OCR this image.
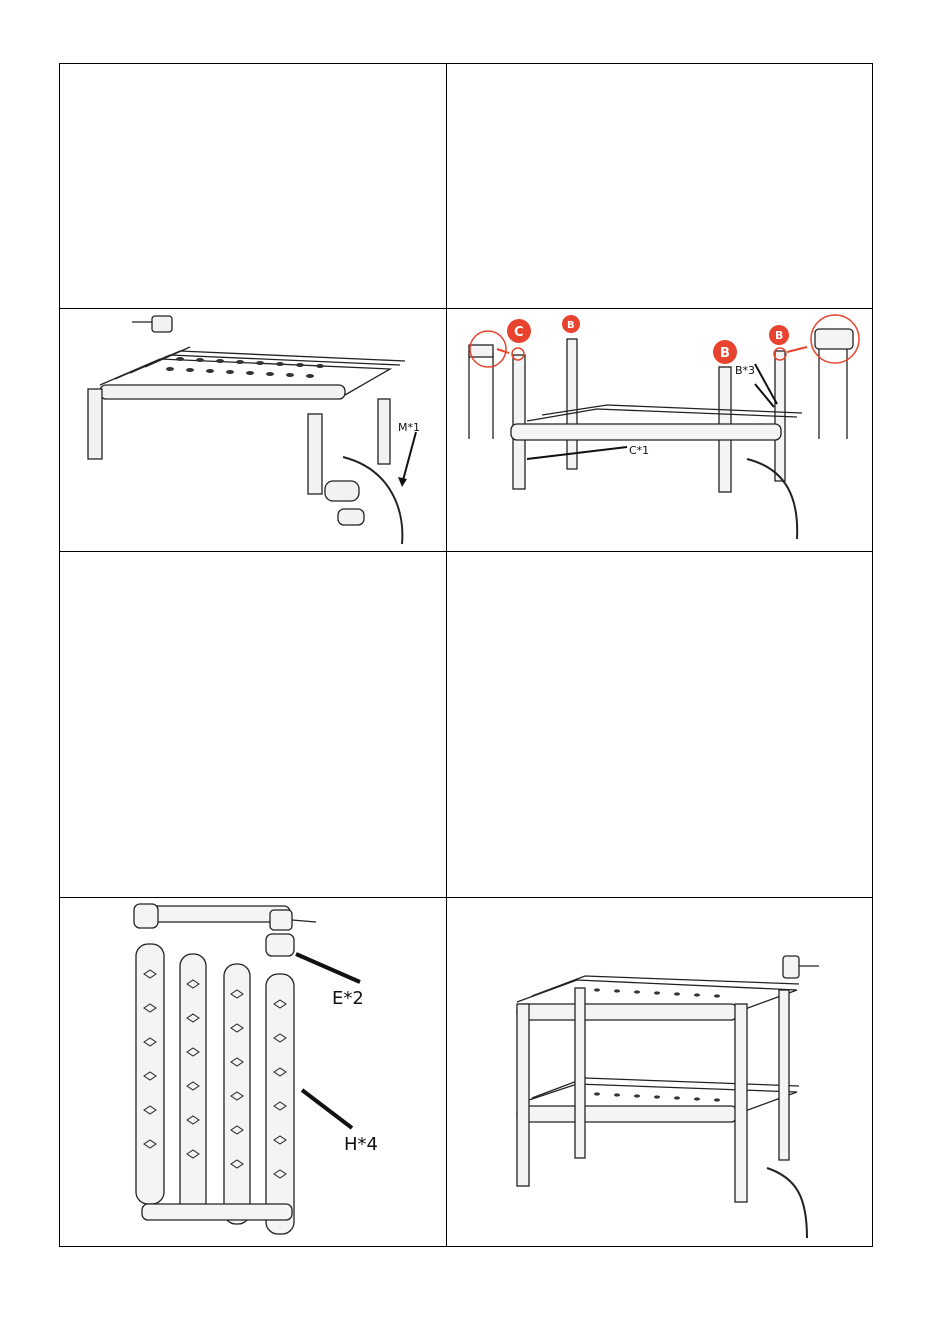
M*1
C	B
B
B
C*1
B*3
E*2
H*4
